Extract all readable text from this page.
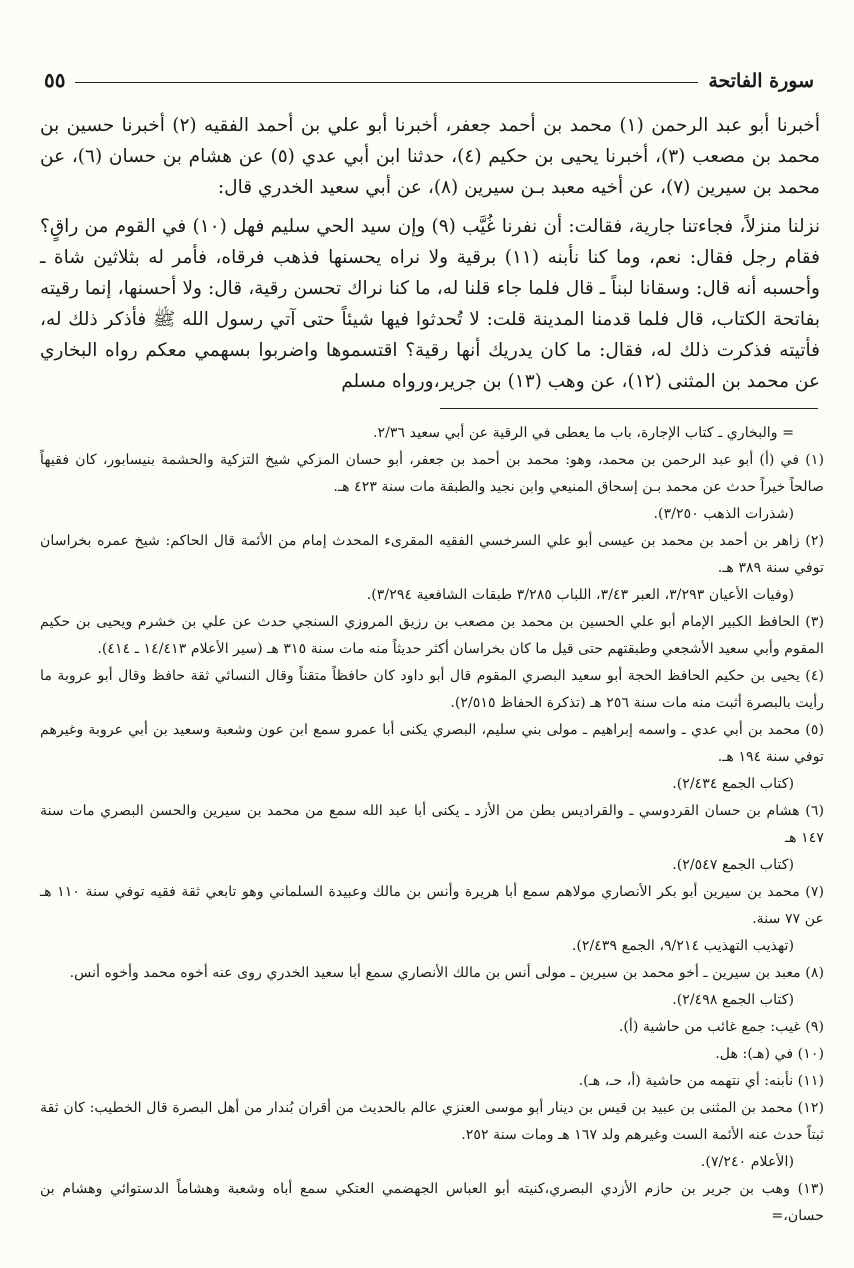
سورة الفاتحة
٥٥

أخبرنا أبو عبد الرحمن (١) محمد بن أحمد جعفر، أخبرنا أبو علي بن أحمد الفقيه (٢) أخبرنا حسين بن محمد بن مصعب (٣)، أخبرنا يحيى بن حكيم (٤)، حدثنا ابن أبي عدي (٥) عن هشام بن حسان (٦)، عن محمد بن سيرين (٧)، عن أخيه معبد بـن سيرين (٨)، عن أبي سعيد الخدري قال:

نزلنا منزلاً، فجاءتنا جارية، فقالت: أن نفرنا غُيَّب (٩) وإن سيد الحي سليم فهل (١٠) في القوم من راقٍ؟فقام رجل فقال: نعم، وما كنا نأبنه (١١) برقية ولا نراه يحسنها فذهب فرقاه، فأمر له بثلاثين شاة ـ وأحسبه أنه قال: وسقانا لبناً ـ قال فلما جاء قلنا له، ما كنا نراك تحسن رقية، قال: ولا أحسنها، إنما رقيته بفاتحة الكتاب، قال فلما قدمنا المدينة قلت: لا تُحدثوا فيها شيئاً حتى آتي رسول الله ﷺ فأذكر ذلك له، فأتيته فذكرت ذلك له، فقال: ما كان يدريك أنها رقية؟ اقتسموها واضربوا بسهمي معكم رواه البخاري عن محمد بن المثنى (١٢)، عن وهب (١٣) بن جرير،ورواه مسلم

= والبخاري ـ كتاب الإجارة، باب ما يعطى في الرقية عن أبي سعيد ٢/٣٦.

(١) في (أ) أبو عبد الرحمن بن محمد، وهو: محمد بن أحمد بن جعفر، أبو حسان المزكي شيخ التزكية والحشمة بنيسابور، كان فقيهاً صالحاً خيراً حدث عن محمد بـن إسحاق المنيعي وابن نجيد والطبقة مات سنة ٤٢٣ هـ.

(شذرات الذهب ٣/٢٥٠).

(٢) زاهر بن أحمد بن محمد بن عيسى أبو علي السرخسي الفقيه المقرىء المحدث إمام من الأئمة قال الحاكم: شيخ عمره بخراسان توفي سنة ٣٨٩ هـ.

(وفيات الأعيان ٣/٢٩٣، العبر ٣/٤٣، اللباب ٣/٢٨٥ طبقات الشافعية ٣/٢٩٤).

(٣) الحافظ الكبير الإمام أبو علي الحسين بن محمد بن مصعب بن رزيق المروزي السنجي حدث عن علي بن خشرم ويحيى بن حكيم المقوم وأبي سعيد الأشجعي وطبقتهم حتى قيل ما كان بخراسان أكثر حديثاً منه مات سنة ٣١٥ هـ (سير الأعلام ١٤/٤١٣ ـ ٤١٤).

(٤) يحيى بن حكيم الحافظ الحجة أبو سعيد البصري المقوم قال أبو داود كان حافظاً متقناً وقال النسائي ثقة حافظ وقال أبو عروبة ما رأيت بالبصرة أثبت منه مات سنة ٢٥٦ هـ (تذكرة الحفاظ ٢/٥١٥).

(٥) محمد بن أبي عدي ـ واسمه إبراهيم ـ مولى بني سليم، البصري يكنى أبا عمرو سمع ابن عون وشعبة وسعيد بن أبي عروبة وغيرهم توفي سنة ١٩٤ هـ.

(كتاب الجمع ٢/٤٣٤).

(٦) هشام بن حسان القردوسي ـ والقراديس بطن من الأزد ـ يكنى أبا عبد الله سمع من محمد بن سيرين والحسن البصري مات سنة ١٤٧ هـ

(كتاب الجمع ٢/٥٤٧).

(٧) محمد بن سيرين أبو بكر الأنصاري مولاهم سمع أبا هريرة وأنس بن مالك وعبيدة السلماني وهو تابعي ثقة فقيه توفي سنة ١١٠ هـ عن ٧٧ سنة.

(تهذيب التهذيب ٩/٢١٤، الجمع ٢/٤٣٩).

(٨) معبد بن سيرين ـ أخو محمد بن سيرين ـ مولى أنس بن مالك الأنصاري سمع أبا سعيد الخدري روى عنه أخوه محمد وأخوه أنس.

(كتاب الجمع ٢/٤٩٨).

(٩) غيب: جمع غائب من حاشية (أ).

(١٠) في (هـ): هل.

(١١) نأبنه: أي نتهمه من حاشية (أ، حـ، هـ).

(١٢) محمد بن المثنى بن عبيد بن قيس بن دينار أبو موسى العنزي عالم بالحديث من أقران بُندار من أهل البصرة قال الخطيب: كان ثقة ثبتاً حدث عنه الأئمة الست وغيرهم ولد ١٦٧ هـ ومات سنة ٢٥٢.

(الأعلام ٧/٢٤٠).

(١٣) وهب بن جرير بن حازم الأزدي البصري،كنيته أبو العباس الجهضمي العتكي سمع أباه وشعبة وهشاماً الدستوائي وهشام بن حسان،=
